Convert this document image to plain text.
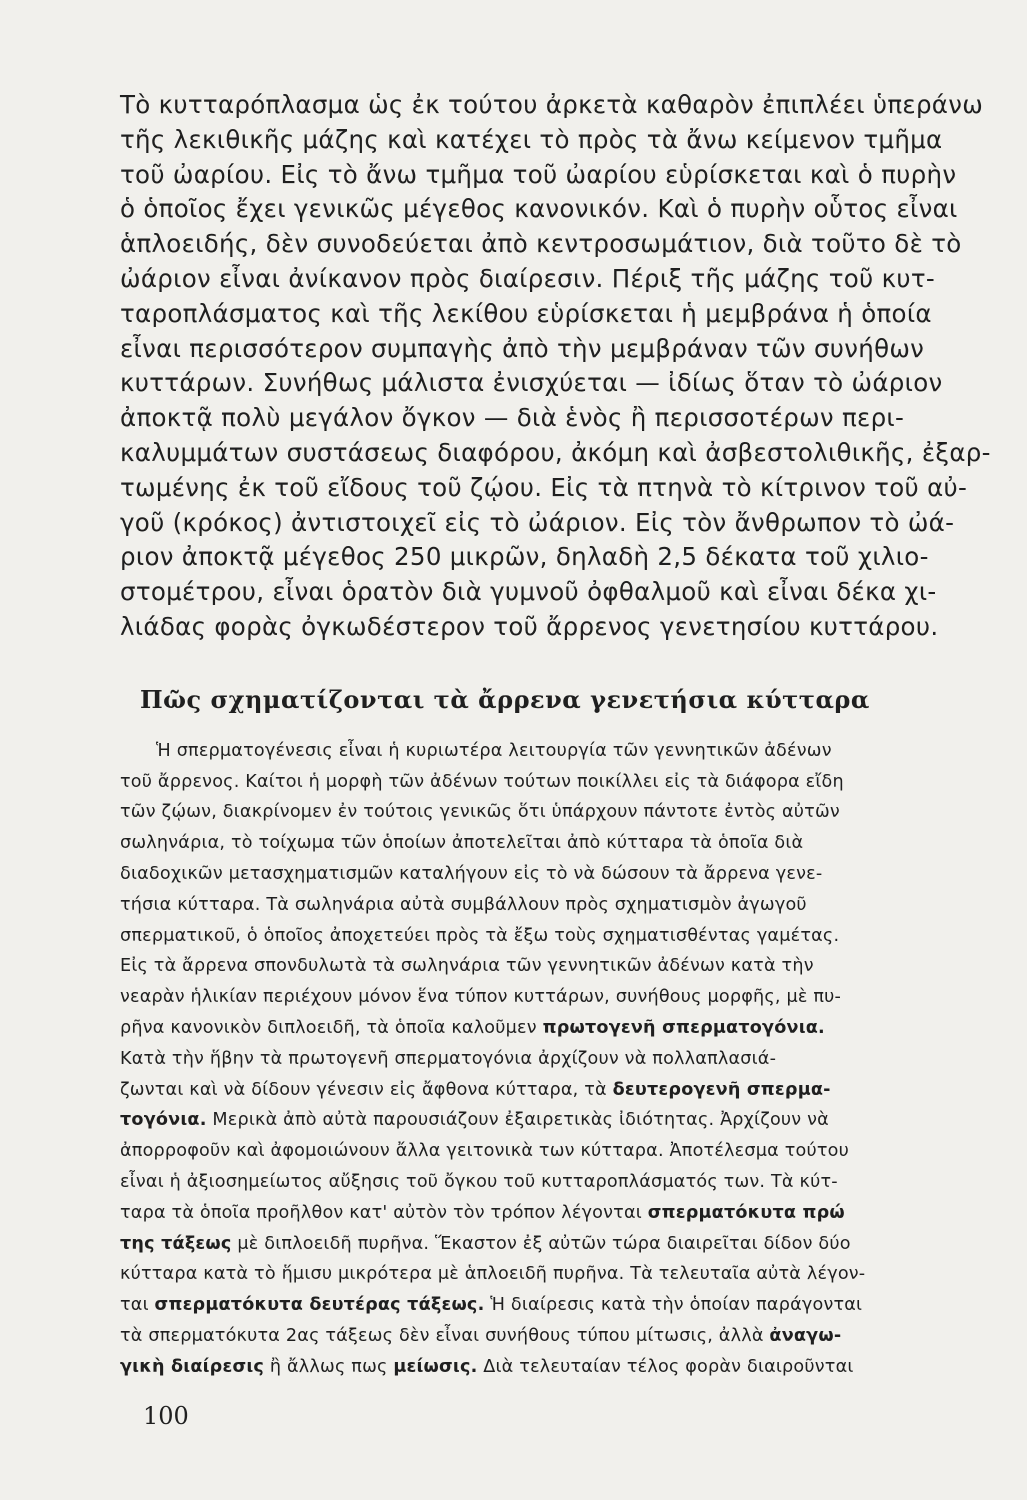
Τὸ κυτταρόπλασμα ὡς ἐκ τούτου ἀρκετὰ καθαρὸν ἐπιπλέει ὑπεράνω
τῆς λεκιθικῆς μάζης καὶ κατέχει τὸ πρὸς τὰ ἄνω κείμενον τμῆμα
τοῦ ὠαρίου. Εἰς τὸ ἄνω τμῆμα τοῦ ὠαρίου εὑρίσκεται καὶ ὁ πυρὴν
ὁ ὁποῖος ἔχει γενικῶς μέγεθος κανονικόν. Καὶ ὁ πυρὴν οὗτος εἶναι
ἁπλοειδής, δὲν συνοδεύεται ἀπὸ κεντροσωμάτιον, διὰ τοῦτο δὲ τὸ
ὠάριον εἶναι ἀνίκανον πρὸς διαίρεσιν. Πέριξ τῆς μάζης τοῦ κυτ-
ταροπλάσματος καὶ τῆς λεκίθου εὑρίσκεται ἡ μεμβράνα ἡ ὁποία
εἶναι περισσότερον συμπαγὴς ἀπὸ τὴν μεμβράναν τῶν συνήθων
κυττάρων. Συνήθως μάλιστα ἐνισχύεται — ἰδίως ὅταν τὸ ὠάριον
ἀποκτᾷ πολὺ μεγάλον ὄγκον — διὰ ἑνὸς ἢ περισσοτέρων περι-
καλυμμάτων συστάσεως διαφόρου, ἀκόμη καὶ ἀσβεστολιθικῆς, ἐξαρ-
τωμένης ἐκ τοῦ εἴδους τοῦ ζῴου. Εἰς τὰ πτηνὰ τὸ κίτρινον τοῦ αὐ-
γοῦ (κρόκος) ἀντιστοιχεῖ εἰς τὸ ὠάριον. Εἰς τὸν ἄνθρωπον τὸ ὠά-
ριον ἀποκτᾷ μέγεθος 250 μικρῶν, δηλαδὴ 2,5 δέκατα τοῦ χιλιο-
στομέτρου, εἶναι ὁρατὸν διὰ γυμνοῦ ὀφθαλμοῦ καὶ εἶναι δέκα χι-
λιάδας φορὰς ὀγκωδέστερον τοῦ ἄρρενος γενετησίου κυττάρου.
Πῶς σχηματίζονται τὰ ἄρρενα γενετήσια κύτταρα
Ἡ σπερματογένεσις εἶναι ἡ κυριωτέρα λειτουργία τῶν γεννητικῶν ἀδένων
τοῦ ἄρρενος. Καίτοι ἡ μορφὴ τῶν ἀδένων τούτων ποικίλλει εἰς τὰ διάφορα εἴδη
τῶν ζῴων, διακρίνομεν ἐν τούτοις γενικῶς ὅτι ὑπάρχουν πάντοτε ἐντὸς αὐτῶν
σωληνάρια, τὸ τοίχωμα τῶν ὁποίων ἀποτελεῖται ἀπὸ κύτταρα τὰ ὁποῖα διὰ
διαδοχικῶν μετασχηματισμῶν καταλήγουν εἰς τὸ νὰ δώσουν τὰ ἄρρενα γενε-
τήσια κύτταρα. Τὰ σωληνάρια αὐτὰ συμβάλλουν πρὸς σχηματισμὸν ἀγωγοῦ
σπερματικοῦ, ὁ ὁποῖος ἀποχετεύει πρὸς τὰ ἔξω τοὺς σχηματισθέντας γαμέτας.
Εἰς τὰ ἄρρενα σπονδυλωτὰ τὰ σωληνάρια τῶν γεννητικῶν ἀδένων κατὰ τὴν
νεαρὰν ἡλικίαν περιέχουν μόνον ἕνα τύπον κυττάρων, συνήθους μορφῆς, μὲ πυ-
ρῆνα κανονικὸν διπλοειδῆ, τὰ ὁποῖα καλοῦμεν πρωτογενῆ σπερματογόνια.
Κατὰ τὴν ἥβην τὰ πρωτογενῆ σπερματογόνια ἀρχίζουν νὰ πολλαπλασιά-
ζωνται καὶ νὰ δίδουν γένεσιν εἰς ἄφθονα κύτταρα, τὰ δευτερογενῆ σπερμα-
τογόνια. Μερικὰ ἀπὸ αὐτὰ παρουσιάζουν ἐξαιρετικὰς ἰδιότητας. Ἀρχίζουν νὰ
ἀπορροφοῦν καὶ ἀφομοιώνουν ἄλλα γειτονικὰ των κύτταρα. Ἀποτέλεσμα τούτου
εἶναι ἡ ἀξιοσημείωτος αὔξησις τοῦ ὄγκου τοῦ κυτταροπλάσματός των. Τὰ κύτ-
ταρα τὰ ὁποῖα προῆλθον κατ' αὐτὸν τὸν τρόπον λέγονται σπερματόκυτα πρώ
της τάξεως μὲ διπλοειδῆ πυρῆνα. Ἕκαστον ἐξ αὐτῶν τώρα διαιρεῖται δίδον δύο
κύτταρα κατὰ τὸ ἥμισυ μικρότερα μὲ ἁπλοειδῆ πυρῆνα. Τὰ τελευταῖα αὐτὰ λέγον-
ται σπερματόκυτα δευτέρας τάξεως. Ἡ διαίρεσις κατὰ τὴν ὁποίαν παράγονται
τὰ σπερματόκυτα 2ας τάξεως δὲν εἶναι συνήθους τύπου μίτωσις, ἀλλὰ ἀναγω-
γικὴ διαίρεσις ἢ ἄλλως πως μείωσις. Διὰ τελευταίαν τέλος φορὰν διαιροῦνται
100
